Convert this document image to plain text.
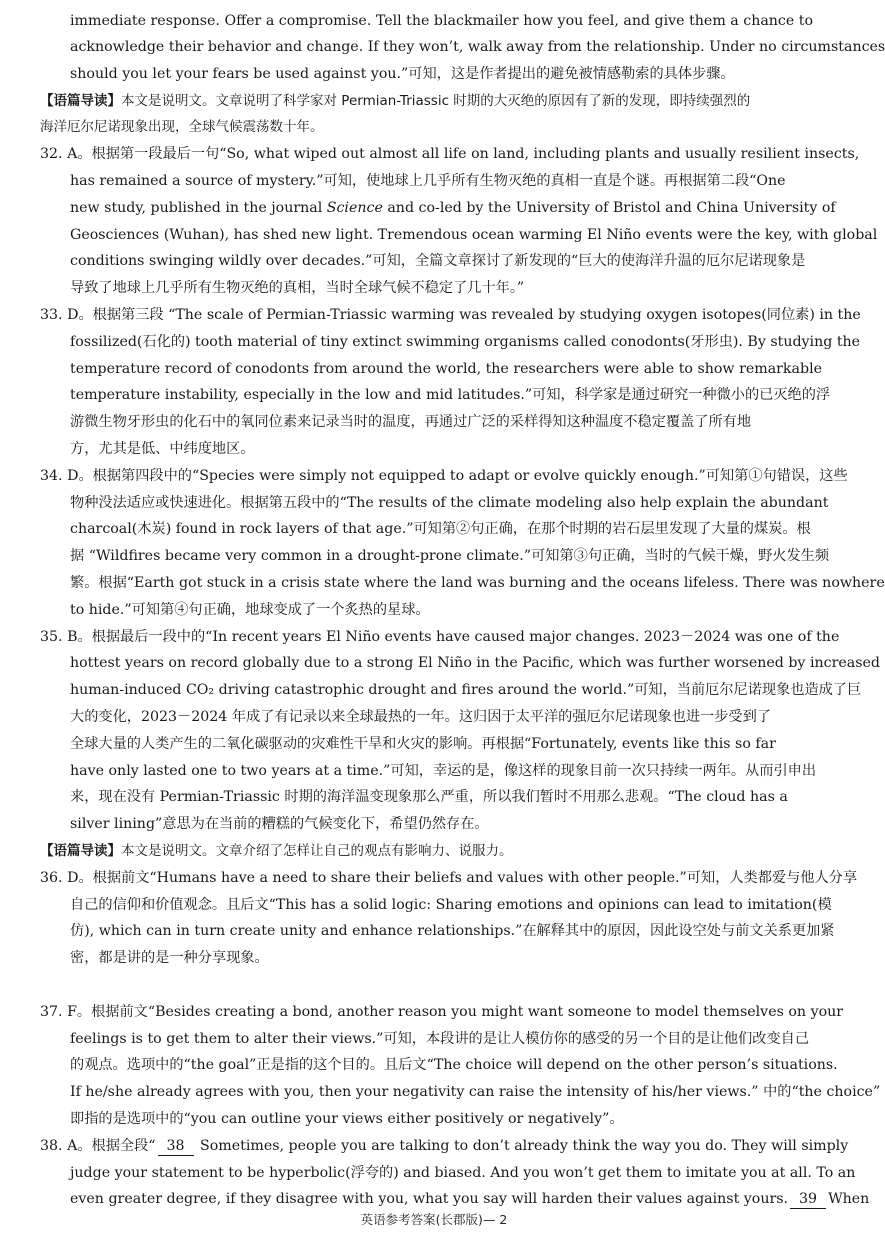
immediate response. Offer a compromise. Tell the blackmailer how you feel, and give them a chance to
acknowledge their behavior and change. If they won’t, walk away from the relationship. Under no circumstances
should you let your fears be used against you.”可知，这是作者提出的避免被情感勒索的具体步骤。
【语篇导读】本文是说明文。文章说明了科学家对 Permian-Triassic 时期的大灭绝的原因有了新的发现，即持续强烈的
海洋厄尔尼诺现象出现，全球气候震荡数十年。
32. A。根据第一段最后一句“So, what wiped out almost all life on land, including plants and usually resilient insects,
has remained a source of mystery.”可知，使地球上几乎所有生物灭绝的真相一直是个谜。再根据第二段“One
new study, published in the journal Science and co-led by the University of Bristol and China University of
Geosciences (Wuhan), has shed new light. Tremendous ocean warming El Niño events were the key, with global
conditions swinging wildly over decades.”可知，全篇文章探讨了新发现的“巨大的使海洋升温的厄尔尼诺现象是
导致了地球上几乎所有生物灭绝的真相，当时全球气候不稳定了几十年。”
33. D。根据第三段 “The scale of Permian-Triassic warming was revealed by studying oxygen isotopes(同位素) in the
fossilized(石化的) tooth material of tiny extinct swimming organisms called conodonts(牙形虫). By studying the
temperature record of conodonts from around the world, the researchers were able to show remarkable
temperature instability, especially in the low and mid latitudes.”可知，科学家是通过研究一种微小的已灭绝的浮
游微生物牙形虫的化石中的氧同位素来记录当时的温度，再通过广泛的采样得知这种温度不稳定覆盖了所有地
方，尤其是低、中纬度地区。
34. D。根据第四段中的“Species were simply not equipped to adapt or evolve quickly enough.”可知第①句错误，这些
物种没法适应或快速进化。根据第五段中的“The results of the climate modeling also help explain the abundant
charcoal(木炭) found in rock layers of that age.”可知第②句正确，在那个时期的岩石层里发现了大量的煤炭。根
据 “Wildfires became very common in a drought-prone climate.”可知第③句正确，当时的气候干燥，野火发生频
繁。根据“Earth got stuck in a crisis state where the land was burning and the oceans lifeless. There was nowhere
to hide.”可知第④句正确，地球变成了一个炙热的星球。
35. B。根据最后一段中的“In recent years El Niño events have caused major changes. 2023－2024 was one of the
hottest years on record globally due to a strong El Niño in the Pacific, which was further worsened by increased
human-induced CO₂ driving catastrophic drought and fires around the world.”可知，当前厄尔尼诺现象也造成了巨
大的变化，2023－2024 年成了有记录以来全球最热的一年。这归因于太平洋的强厄尔尼诺现象也进一步受到了
全球大量的人类产生的二氧化碳驱动的灾难性干旱和火灾的影响。再根据“Fortunately, events like this so far
have only lasted one to two years at a time.”可知，幸运的是，像这样的现象目前一次只持续一两年。从而引申出
来，现在没有 Permian-Triassic 时期的海洋温变现象那么严重，所以我们暂时不用那么悲观。“The cloud has a
silver lining”意思为在当前的糟糕的气候变化下，希望仍然存在。
【语篇导读】本文是说明文。文章介绍了怎样让自己的观点有影响力、说服力。
36. D。根据前文“Humans have a need to share their beliefs and values with other people.”可知，人类都爱与他人分享
自己的信仰和价值观念。且后文“This has a solid logic: Sharing emotions and opinions can lead to imitation(模
仿), which can in turn create unity and enhance relationships.”在解释其中的原因，因此设空处与前文关系更加紧
密，都是讲的是一种分享现象。
37. F。根据前文“Besides creating a bond, another reason you might want someone to model themselves on your
feelings is to get them to alter their views.”可知，本段讲的是让人模仿你的感受的另一个目的是让他们改变自己
的观点。选项中的“the goal”正是指的这个目的。且后文“The choice will depend on the other person’s situations.
If he/she already agrees with you, then your negativity can raise the intensity of his/her views.” 中的“the choice”
即指的是选项中的“you can outline your views either positively or negatively”。
38. A。根据全段“ 38 Sometimes, people you are talking to don’t already think the way you do. They will simply
judge your statement to be hyperbolic(浮夸的) and biased. And you won’t get them to imitate you at all. To an
even greater degree, if they disagree with you, what you say will harden their values against yours. 39 When
英语参考答案(长郡版)— 2
